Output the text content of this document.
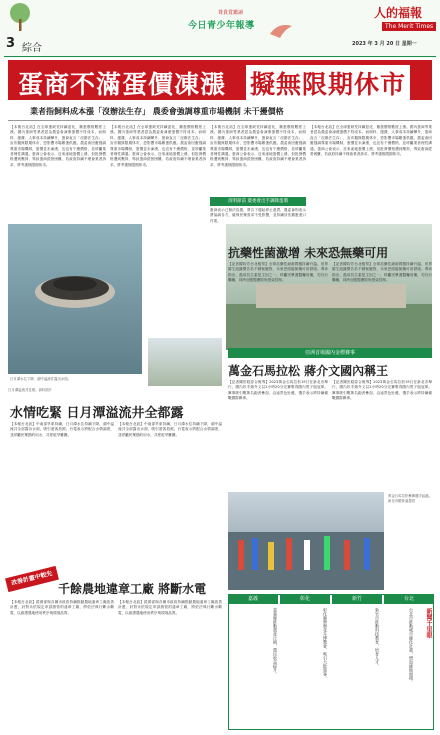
3 綜合
尊貴賞鑑讀
今日青少年報導
人的福報
The Merit Times
2023 年 3 月 20 日 星期一
蛋商不滿蛋價凍漲 擬無限期休市
業者指飼料成本漲「沒辦法生存」 農委會強調尊重市場機制 未干擾價格
【本報台北訊】在全球蛋缺荒持續惡化，雞蛋價格數度上漲。國內蛋商等業者認為農委會凍漲蛋價不符成本，而飼料、運費、人事成本持續攀升，蛋商直言「沒辦法生存」，宣布擬無限期休市，恐影響市場雞蛋供應。農委會回應強調尊重市場機制，蛋價並未凍漲，也沒有干擾價格，並呼籲業者理性溝通。蛋商公會表示，近來產地蛋價上漲，但批發價格遭到壓抑，導致蛋商經營困難，若政府持續不理會業者訴求，將考慮無限期休市。
【本報台北訊】在全球蛋缺荒持續惡化，雞蛋價格數度上漲。國內蛋商等業者認為農委會凍漲蛋價不符成本，而飼料、運費、人事成本持續攀升，蛋商直言「沒辦法生存」，宣布擬無限期休市，恐影響市場雞蛋供應。農委會回應強調尊重市場機制，蛋價並未凍漲，也沒有干擾價格，並呼籲業者理性溝通。蛋商公會表示，近來產地蛋價上漲，但批發價格遭到壓抑，導致蛋商經營困難，若政府持續不理會業者訴求，將考慮無限期休市。
【本報台北訊】在全球蛋缺荒持續惡化，雞蛋價格數度上漲。國內蛋商等業者認為農委會凍漲蛋價不符成本，而飼料、運費、人事成本持續攀升，蛋商直言「沒辦法生存」，宣布擬無限期休市，恐影響市場雞蛋供應。農委會回應強調尊重市場機制，蛋價並未凍漲，也沒有干擾價格，並呼籲業者理性溝通。蛋商公會表示，近來產地蛋價上漲，但批發價格遭到壓抑，導致蛋商經營困難，若政府持續不理會業者訴求，將考慮無限期休市。
清明節前 農委會出手調降蛋價
蛋商表示已無法負擔，將自下週起停止進貨，農委會則表示將協調各方，確保民眾需求不受影響，並持續評估雞蛋進口作業。
【本報台北訊】在全球蛋缺荒持續惡化，雞蛋價格數度上漲。國內蛋商等業者認為農委會凍漲蛋價不符成本，而飼料、運費、人事成本持續攀升，蛋商直言「沒辦法生存」，宣布擬無限期休市，恐影響市場雞蛋供應。農委會回應強調尊重市場機制，蛋價並未凍漲，也沒有干擾價格，並呼籲業者理性溝通。蛋商公會表示，近來產地蛋價上漲，但批發價格遭到壓抑，導致蛋商經營困難，若政府持續不理會業者訴求，將考慮無限期休市。
日月潭水位下降，湖中溢流井露出水面。
日月潭溢流井近照。資料照片
抗藥性菌激增 未來恐無藥可用
【記者陳昀芳台北報導】全球抗藥性細菌問題持續升溫，世界衛生組織警告若不積極應對，未來恐面臨無藥可用窘境。專家指出，濫用抗生素是主因之一，呼籲民眾遵醫囑用藥，勿自行購藥，同時加強醫療院所感染控制。
【記者陳昀芳台北報導】全球抗藥性細菌問題持續升溫，世界衛生組織警告若不積極應對，未來恐面臨無藥可用窘境。專家指出，濫用抗生素是主因之一，呼籲民眾遵醫囑用藥，勿自行購藥，同時加強醫療院所感染控制。
亞洲首場國內金標賽事
萬金石馬拉松 蔣介文國內稱王
【記者陳世昭綜合報導】2023萬金石馬拉松19日在新北市舉行，國內好手蔣介文以2小時20分完賽奪得國內男子組冠軍。賽事吸引數萬名跑者參加，沿途景色壯麗，選手表示將持續備戰國際賽事。
【記者陳世昭綜合報導】2023萬金石馬拉松19日在新北市舉行，國內好手蔣介文以2小時20分完賽奪得國內男子組冠軍。賽事吸引數萬名跑者參加，沿途景色壯麗，選手表示將持續備戰國際賽事。
水情吃緊 日月潭溢流井全都露
【本報台北訊】中南部旱象持續，日月潭水位持續下降，湖中溢流井全部露出水面，吸引遊客拍照。台電表示將配合水情調度，並呼籲民眾節約用水，共度乾旱難關。
【本報台北訊】中南部旱象持續，日月潭水位持續下降，湖中溢流井全部露出水面，吸引遊客拍照。台電表示將配合水情調度，並呼籲民眾節約用水，共度乾旱難關。
萬金石馬拉松參賽選手起跑。 新北市體育處提供
改善計畫中較先
千餘農地違章工廠 將斷水電
【本報台北訊】經濟部與各縣市政府持續推動農地違章工廠改善計畫，針對未依規定申請納管的違章工廠，將依法執行斷水斷電，以維護農地使用秩序與環境品質。
【本報台北訊】經濟部與各縣市政府持續推動農地違章工廠改善計畫，針對未依規定申請納管的違章工廠，將依法執行斷水斷電，以維護農地使用秩序與環境品質。
嘉義	彰化	新竹	台北
嘉義縣推動農產行銷，農民收益提升。	彰化縣舉辦花卉博覽會，吸引大批遊客。	新竹市推動科技教育，培育人才。	台北市推動城市綠化計畫，增加綠地面積。	新聞千里眼
